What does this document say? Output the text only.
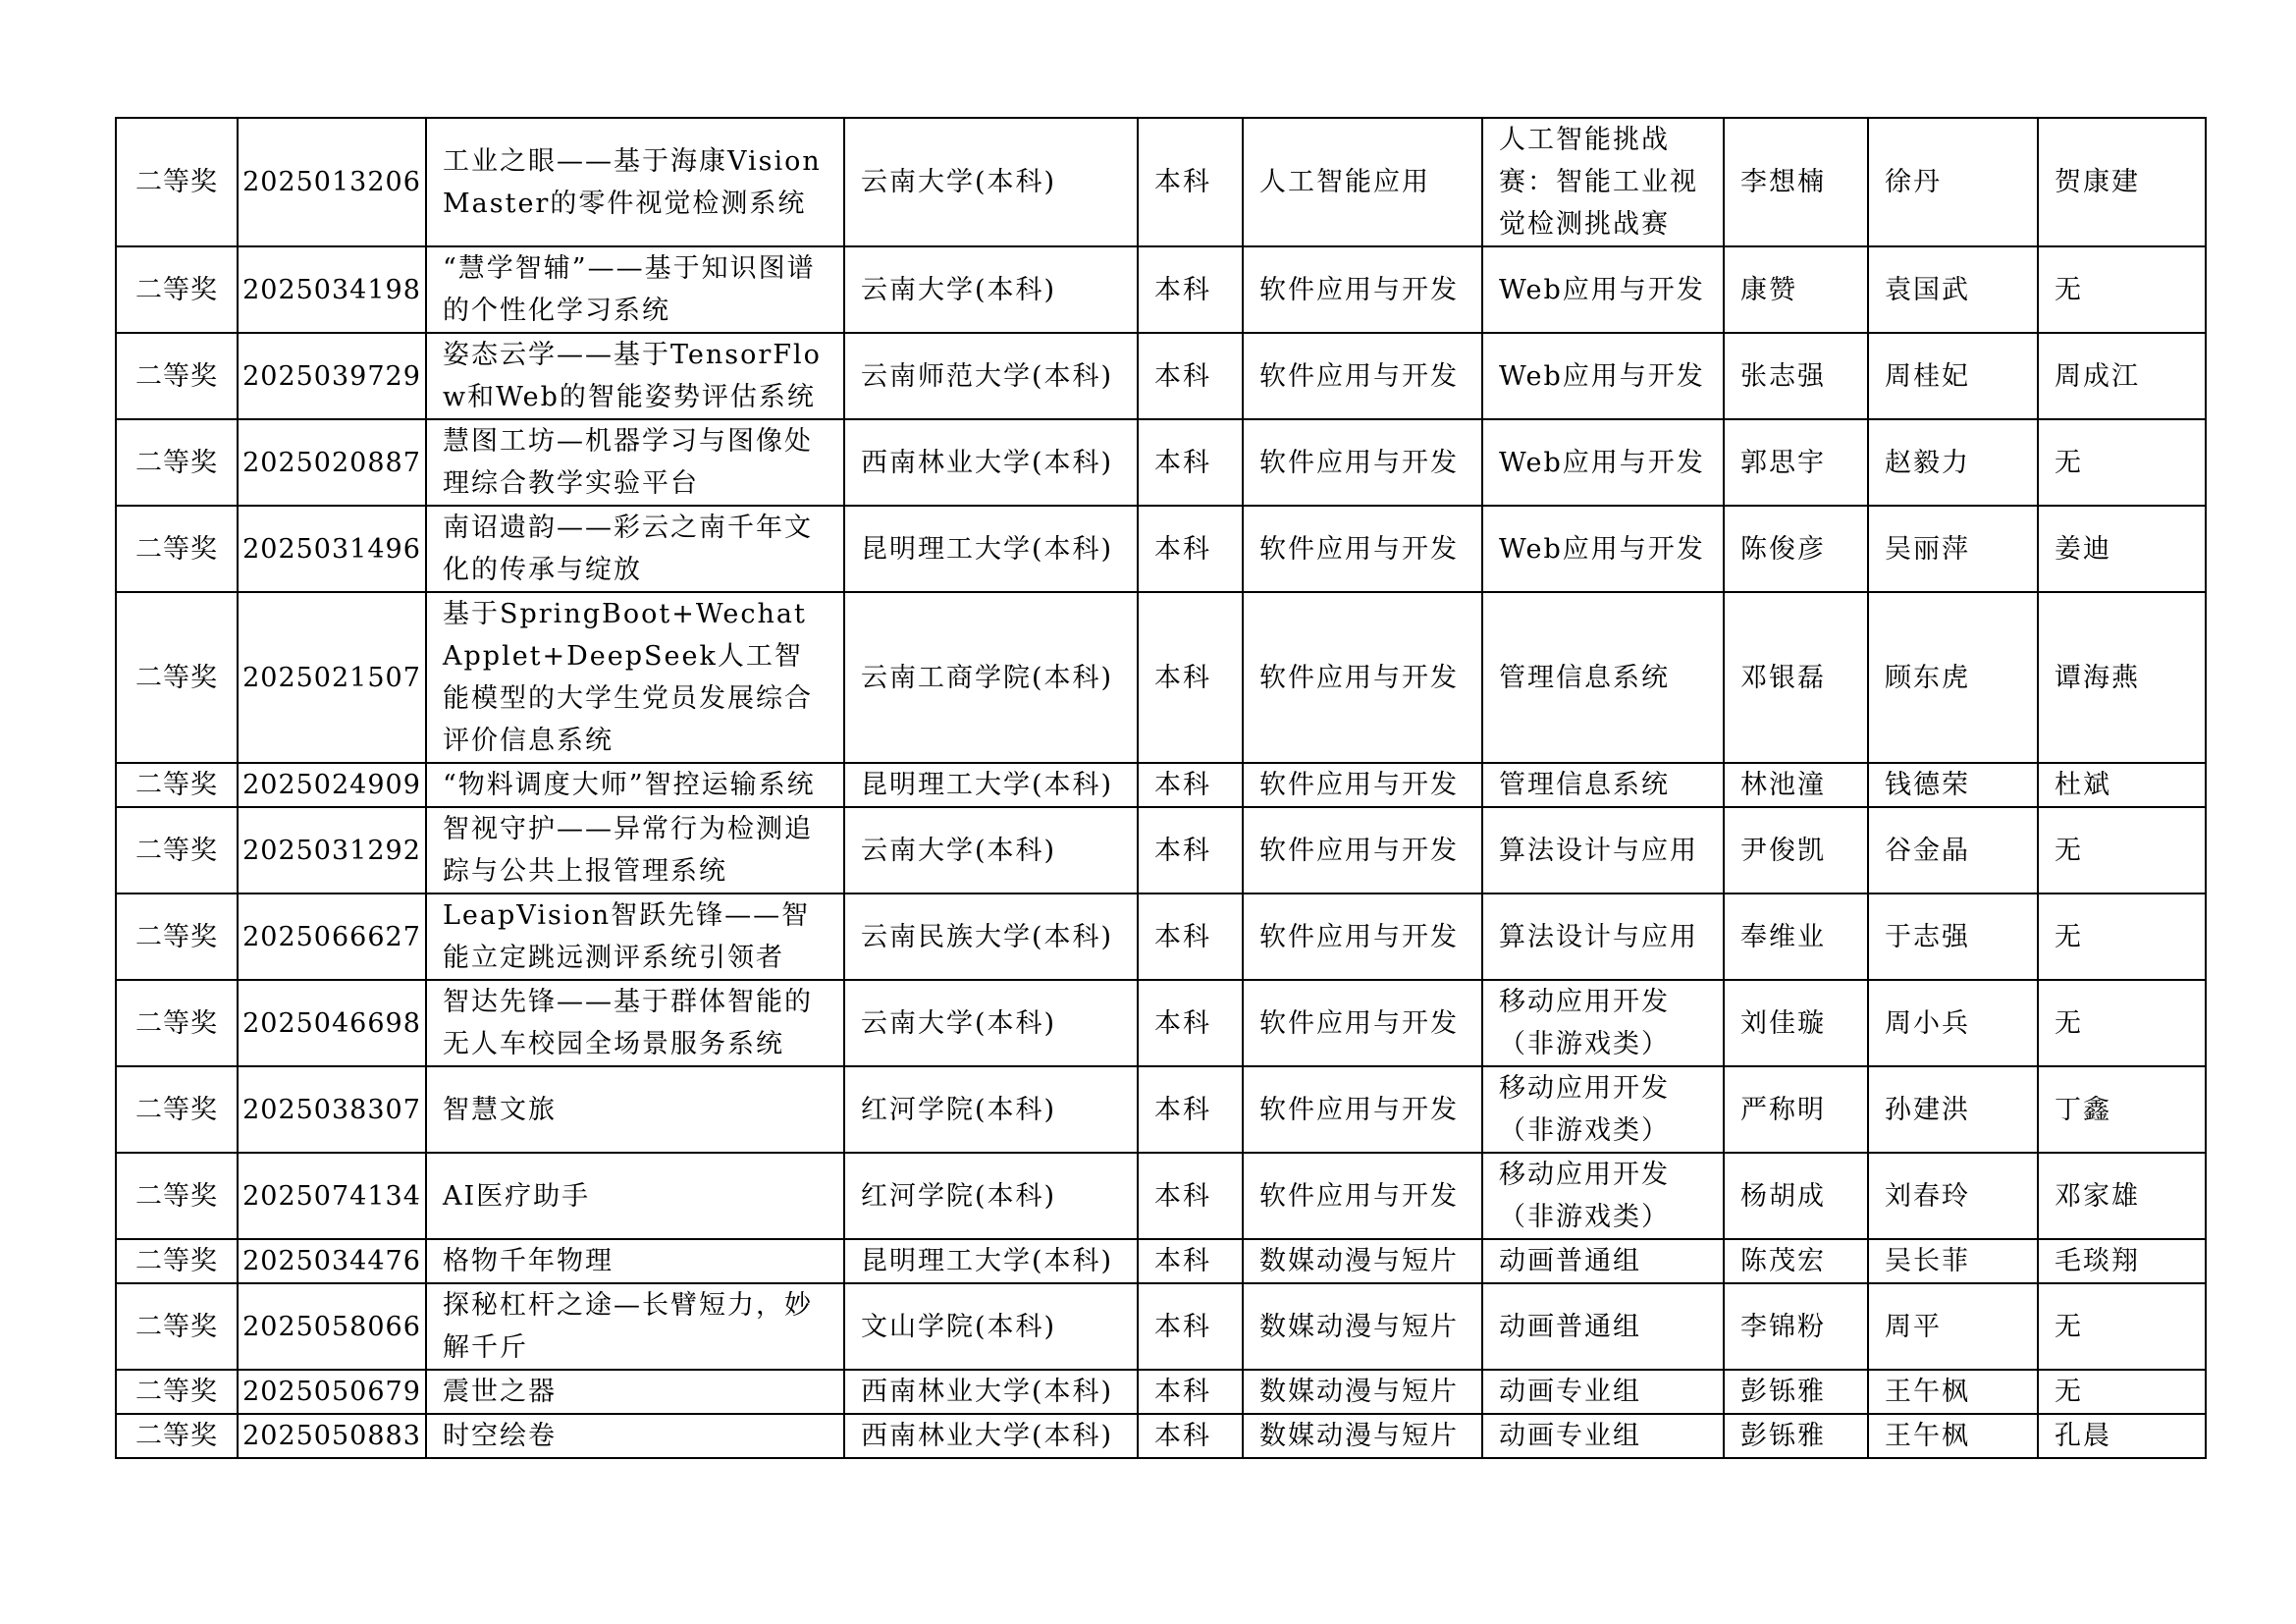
二等奖	2025013206	工业之眼——基于海康VisionMaster的零件视觉检测系统	云南大学(本科)	本科	人工智能应用	人工智能挑战赛：智能工业视觉检测挑战赛	李想楠	徐丹	贺康建
二等奖	2025034198	“慧学智辅”——基于知识图谱的个性化学习系统	云南大学(本科)	本科	软件应用与开发	Web应用与开发	康赞	袁国武	无
二等奖	2025039729	姿态云学——基于TensorFlow和Web的智能姿势评估系统	云南师范大学(本科)	本科	软件应用与开发	Web应用与开发	张志强	周桂妃	周成江
二等奖	2025020887	慧图工坊—机器学习与图像处理综合教学实验平台	西南林业大学(本科)	本科	软件应用与开发	Web应用与开发	郭思宇	赵毅力	无
二等奖	2025031496	南诏遗韵——彩云之南千年文化的传承与绽放	昆明理工大学(本科)	本科	软件应用与开发	Web应用与开发	陈俊彦	吴丽萍	姜迪
二等奖	2025021507	基于SpringBoot+WechatApplet+DeepSeek人工智能模型的大学生党员发展综合评价信息系统	云南工商学院(本科)	本科	软件应用与开发	管理信息系统	邓银磊	顾东虎	谭海燕
二等奖	2025024909	“物料调度大师”智控运输系统	昆明理工大学(本科)	本科	软件应用与开发	管理信息系统	林池潼	钱德荣	杜斌
二等奖	2025031292	智视守护——异常行为检测追踪与公共上报管理系统	云南大学(本科)	本科	软件应用与开发	算法设计与应用	尹俊凯	谷金晶	无
二等奖	2025066627	LeapVision智跃先锋——智能立定跳远测评系统引领者	云南民族大学(本科)	本科	软件应用与开发	算法设计与应用	奉维业	于志强	无
二等奖	2025046698	智达先锋——基于群体智能的无人车校园全场景服务系统	云南大学(本科)	本科	软件应用与开发	移动应用开发（非游戏类）	刘佳璇	周小兵	无
二等奖	2025038307	智慧文旅	红河学院(本科)	本科	软件应用与开发	移动应用开发（非游戏类）	严称明	孙建洪	丁鑫
二等奖	2025074134	AI医疗助手	红河学院(本科)	本科	软件应用与开发	移动应用开发（非游戏类）	杨胡成	刘春玲	邓家雄
二等奖	2025034476	格物千年物理	昆明理工大学(本科)	本科	数媒动漫与短片	动画普通组	陈茂宏	吴长菲	毛琰翔
二等奖	2025058066	探秘杠杆之途—长臂短力，妙解千斤	文山学院(本科)	本科	数媒动漫与短片	动画普通组	李锦粉	周平	无
二等奖	2025050679	震世之器	西南林业大学(本科)	本科	数媒动漫与短片	动画专业组	彭铄雅	王午枫	无
二等奖	2025050883	时空绘卷	西南林业大学(本科)	本科	数媒动漫与短片	动画专业组	彭铄雅	王午枫	孔晨
